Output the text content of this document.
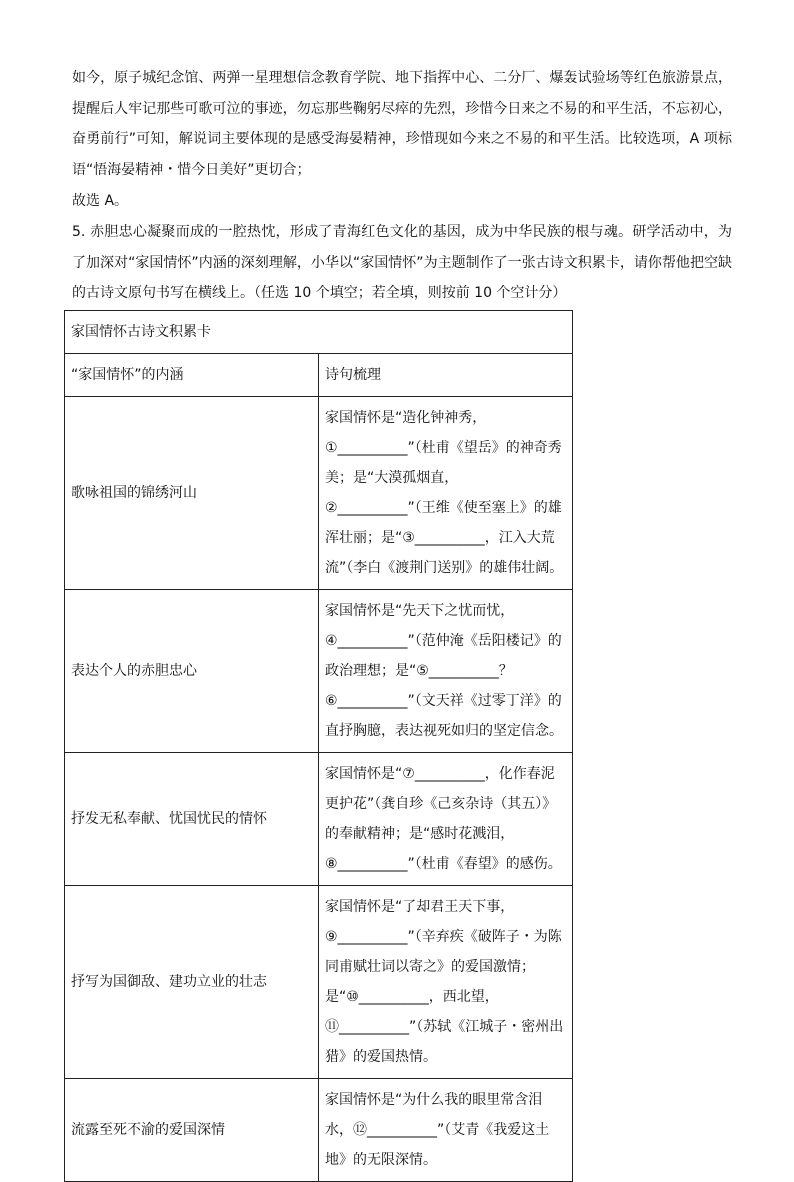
如今，原子城纪念馆、两弹一星理想信念教育学院、地下指挥中心、二分厂、爆轰试验场等红色旅游景点，提醒后人牢记那些可歌可泣的事迹，勿忘那些鞠躬尽瘁的先烈，珍惜今日来之不易的和平生活，不忘初心，奋勇前行”可知，解说词主要体现的是感受海晏精神，珍惜现如今来之不易的和平生活。比较选项，A 项标语“悟海晏精神・惜今日美好”更切合；

故选 A。

5. 赤胆忠心凝聚而成的一腔热忱，形成了青海红色文化的基因，成为中华民族的根与魂。研学活动中，为了加深对“家国情怀”内涵的深刻理解，小华以“家国情怀”为主题制作了一张古诗文积累卡，请你帮他把空缺的古诗文原句书写在横线上。（任选 10 个填空；若全填，则按前 10 个空计分）

家国情怀古诗文积累卡	
“家国情怀”的内涵	诗句梳理
歌咏祖国的锦绣河山	家国情怀是“造化钟神秀，①__________”（杜甫《望岳》的神奇秀美；是“大漠孤烟直，②__________”（王维《使至塞上》的雄浑壮丽；是“③__________，江入大荒流”（李白《渡荆门送别》的雄伟壮阔。
表达个人的赤胆忠心	家国情怀是“先天下之忧而忧，④__________”（范仲淹《岳阳楼记》的政治理想；是“⑤__________？⑥__________”（文天祥《过零丁洋》的直抒胸臆，表达视死如归的坚定信念。
抒发无私奉献、忧国忧民的情怀	家国情怀是“⑦__________，化作春泥更护花”（龚自珍《己亥杂诗（其五）》的奉献精神；是“感时花溅泪，⑧__________”（杜甫《春望》的感伤。
抒写为国御敌、建功立业的壮志	家国情怀是“了却君王天下事，⑨__________”（辛弃疾《破阵子・为陈同甫赋壮词以寄之》的爱国激情；是“⑩__________，西北望，⑪__________”（苏轼《江城子・密州出猎》的爱国热情。
流露至死不渝的爱国深情	家国情怀是“为什么我的眼里常含泪水，⑫__________”（艾青《我爱这土地》的无限深情。
